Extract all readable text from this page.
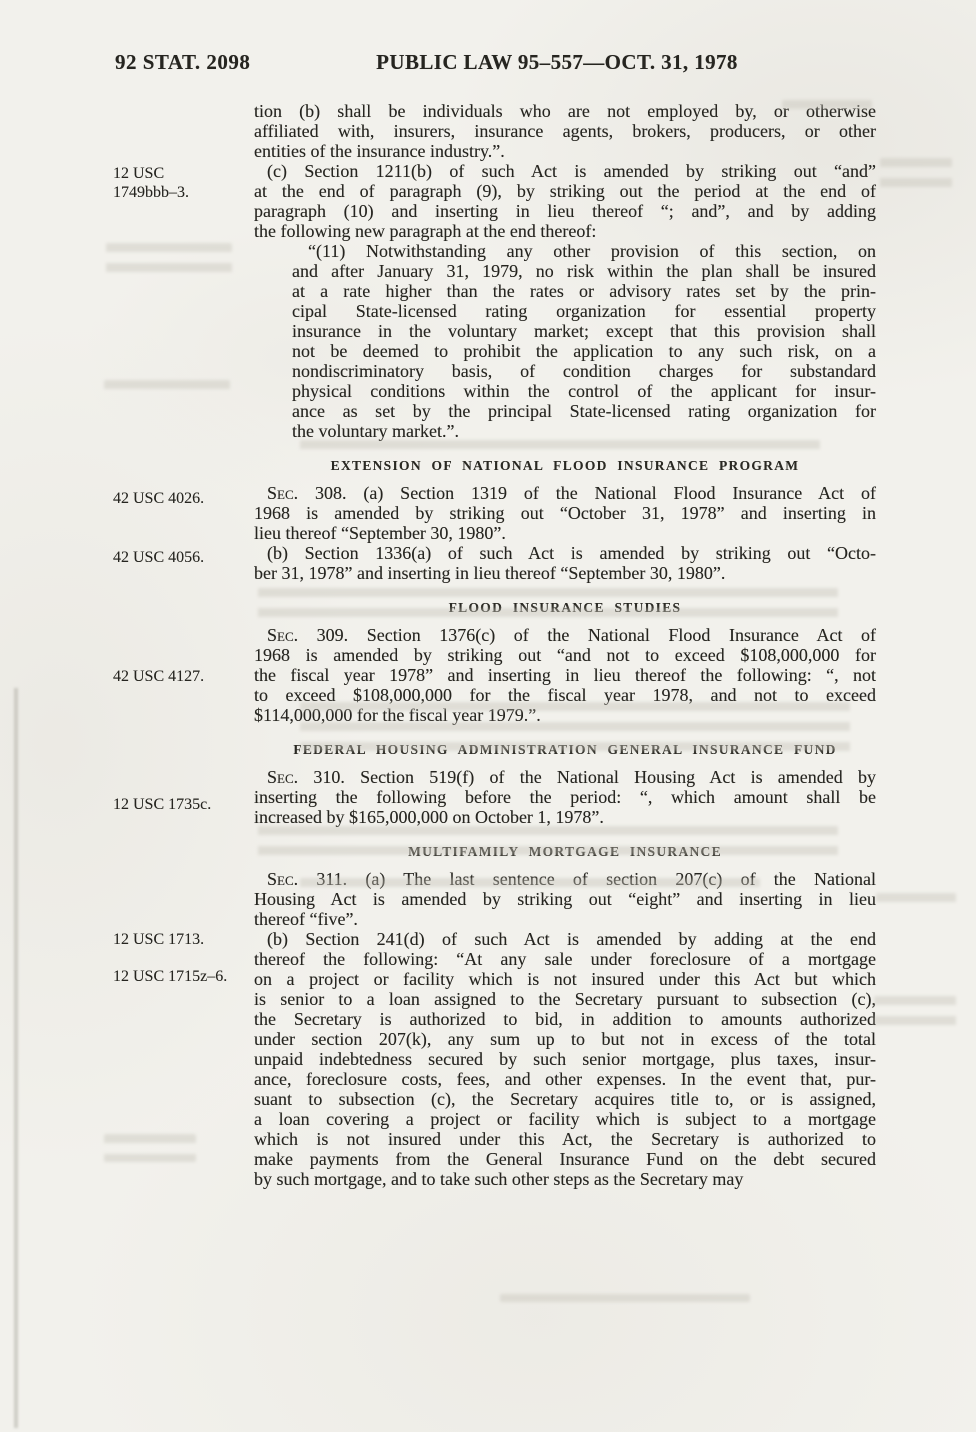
92 STAT. 2098	PUBLIC LAW 95–557—OCT. 31, 1978
12 USC
1749bbb–3.
42 USC 4026.
42 USC 4056.
42 USC 4127.
12 USC 1735c.
12 USC 1713.
12 USC 1715z–6.
tion (b) shall be individuals who are not employed by, or otherwise
affiliated with, insurers, insurance agents, brokers, producers, or other
entities of the insurance industry.”.
(c) Section 1211(b) of such Act is amended by striking out “and”
at the end of paragraph (9), by striking out the period at the end of
paragraph (10) and inserting in lieu thereof “; and”, and by adding
the following new paragraph at the end thereof:
“(11) Notwithstanding any other provision of this section, on
and after January 31, 1979, no risk within the plan shall be insured
at a rate higher than the rates or advisory rates set by the prin-
cipal State-licensed rating organization for essential property
insurance in the voluntary market; except that this provision shall
not be deemed to prohibit the application to any such risk, on a
nondiscriminatory basis, of condition charges for substandard
physical conditions within the control of the applicant for insur-
ance as set by the principal State-licensed rating organization for
the voluntary market.”.
EXTENSION OF NATIONAL FLOOD INSURANCE PROGRAM
Sec. 308. (a) Section 1319 of the National Flood Insurance Act of
1968 is amended by striking out “October 31, 1978” and inserting in
lieu thereof “September 30, 1980”.
(b) Section 1336(a) of such Act is amended by striking out “Octo-
ber 31, 1978” and inserting in lieu thereof “September 30, 1980”.
FLOOD INSURANCE STUDIES
Sec. 309. Section 1376(c) of the National Flood Insurance Act of
1968 is amended by striking out “and not to exceed $108,000,000 for
the fiscal year 1978” and inserting in lieu thereof the following: “, not
to exceed $108,000,000 for the fiscal year 1978, and not to exceed
$114,000,000 for the fiscal year 1979.”.
FEDERAL HOUSING ADMINISTRATION GENERAL INSURANCE FUND
Sec. 310. Section 519(f) of the National Housing Act is amended by
inserting the following before the period: “, which amount shall be
increased by $165,000,000 on October 1, 1978”.
MULTIFAMILY MORTGAGE INSURANCE
Sec. 311. (a) The last sentence of section 207(c) of the National
Housing Act is amended by striking out “eight” and inserting in lieu
thereof “five”.
(b) Section 241(d) of such Act is amended by adding at the end
thereof the following: “At any sale under foreclosure of a mortgage
on a project or facility which is not insured under this Act but which
is senior to a loan assigned to the Secretary pursuant to subsection (c),
the Secretary is authorized to bid, in addition to amounts authorized
under section 207(k), any sum up to but not in excess of the total
unpaid indebtedness secured by such senior mortgage, plus taxes, insur-
ance, foreclosure costs, fees, and other expenses. In the event that, pur-
suant to subsection (c), the Secretary acquires title to, or is assigned,
a loan covering a project or facility which is subject to a mortgage
which is not insured under this Act, the Secretary is authorized to
make payments from the General Insurance Fund on the debt secured
by such mortgage, and to take such other steps as the Secretary may
